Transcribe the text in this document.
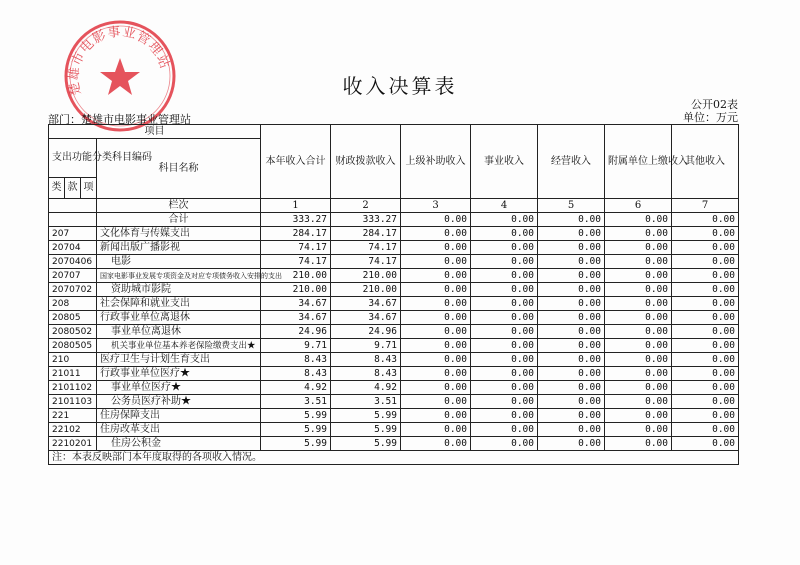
楚雄市电影事业管理站
收入决算表
公开02表
单位：万元
部门：楚雄市电影事业管理站
项目				本年收入合计	财政拨款收入	上级补助收入	事业收入	经营收入	附属单位上缴收入	其他收入
支出功能分类科目编码			科目名称							
类	款	项								
			栏次	1	2	3	4	5	6	7
			合计	333.27	333.27	0.00	0.00	0.00	0.00	0.00
207			文化体育与传媒支出	284.17	284.17	0.00	0.00	0.00	0.00	0.00
20704			新闻出版广播影视	74.17	74.17	0.00	0.00	0.00	0.00	0.00
2070406			电影	74.17	74.17	0.00	0.00	0.00	0.00	0.00
20707			国家电影事业发展专项资金及对应专项债务收入安排的支出	210.00	210.00	0.00	0.00	0.00	0.00	0.00
2070702			资助城市影院	210.00	210.00	0.00	0.00	0.00	0.00	0.00
208			社会保障和就业支出	34.67	34.67	0.00	0.00	0.00	0.00	0.00
20805			行政事业单位离退休	34.67	34.67	0.00	0.00	0.00	0.00	0.00
2080502			事业单位离退休	24.96	24.96	0.00	0.00	0.00	0.00	0.00
2080505			机关事业单位基本养老保险缴费支出★	9.71	9.71	0.00	0.00	0.00	0.00	0.00
210			医疗卫生与计划生育支出	8.43	8.43	0.00	0.00	0.00	0.00	0.00
21011			行政事业单位医疗★	8.43	8.43	0.00	0.00	0.00	0.00	0.00
2101102			事业单位医疗★	4.92	4.92	0.00	0.00	0.00	0.00	0.00
2101103			公务员医疗补助★	3.51	3.51	0.00	0.00	0.00	0.00	0.00
221			住房保障支出	5.99	5.99	0.00	0.00	0.00	0.00	0.00
22102			住房改革支出	5.99	5.99	0.00	0.00	0.00	0.00	0.00
2210201			住房公积金	5.99	5.99	0.00	0.00	0.00	0.00	0.00
注：本表反映部门本年度取得的各项收入情况。										
